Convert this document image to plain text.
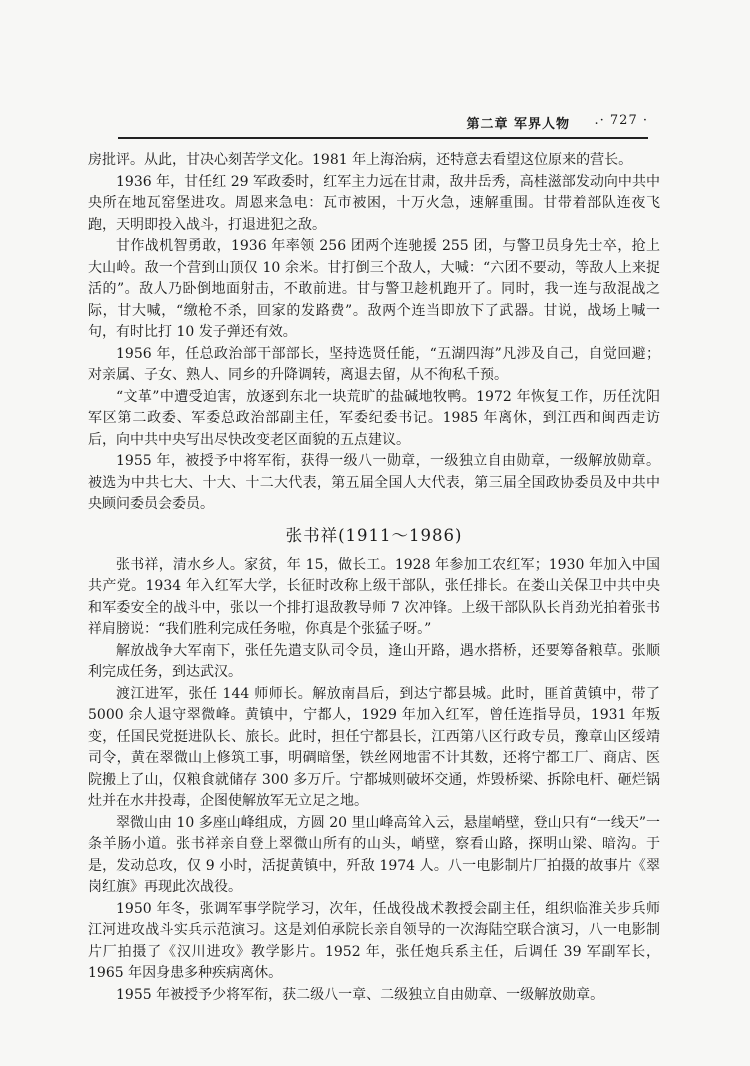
第二章 军界人物 .· 727 ·

房批评。从此，甘决心刻苦学文化。1981 年上海治病，还特意去看望这位原来的营长。

1936 年，甘任红 29 军政委时，红军主力远在甘肃，敌井岳秀，高桂滋部发动向中共中央所在地瓦窑堡进攻。周恩来急电：瓦市被困，十万火急，速解重围。甘带着部队连夜飞跑，天明即投入战斗，打退进犯之敌。

甘作战机智勇敢，1936 年率领 256 团两个连驰援 255 团，与警卫员身先士卒，抢上大山岭。敌一个营到山顶仅 10 余米。甘打倒三个敌人，大喊：“六团不要动，等敌人上来捉活的”。敌人乃卧倒地面射击，不敢前进。甘与警卫趁机跑开了。同时，我一连与敌混战之际，甘大喊，“缴枪不杀，回家的发路费”。敌两个连当即放下了武器。甘说，战场上喊一句，有时比打 10 发子弹还有效。

1956 年，任总政治部干部部长，坚持选贤任能，“五湖四海”凡涉及自己，自觉回避；对亲属、子女、熟人、同乡的升降调转，离退去留，从不徇私千预。

“文革”中遭受迫害，放逐到东北一块荒旷的盐碱地牧鸭。1972 年恢复工作，历任沈阳军区第二政委、军委总政治部副主任，军委纪委书记。1985 年离休，到江西和闽西走访后，向中共中央写出尽快改变老区面貌的五点建议。

1955 年，被授予中将军衔，获得一级八一勋章，一级独立自由勋章，一级解放勋章。被选为中共七大、十大、十二大代表，第五届全国人大代表，第三届全国政协委员及中共中央顾问委员会委员。

张书祥(1911～1986)

张书祥，清水乡人。家贫，年 15，做长工。1928 年参加工农红军；1930 年加入中国共产党。1934 年入红军大学，长征时改称上级干部队，张任排长。在娄山关保卫中共中央和军委安全的战斗中，张以一个排打退敌教导师 7 次冲锋。上级干部队队长肖劲光拍着张书祥肩膀说：“我们胜利完成任务啦，你真是个张猛子呀。”

解放战争大军南下，张任先遣支队司令员，逢山开路，遇水搭桥，还要筹备粮草。张顺利完成任务，到达武汉。

渡江进军，张任 144 师师长。解放南昌后，到达宁都县城。此时，匪首黄镇中，带了 5000 余人退守翠微峰。黄镇中，宁都人，1929 年加入红军，曾任连指导员，1931 年叛变，任国民党挺进队长、旅长。此时，担任宁都县长，江西第八区行政专员，豫章山区绥靖司令，黄在翠微山上修筑工事，明碉暗堡，铁丝网地雷不计其数，还将宁都工厂、商店、医院搬上了山，仅粮食就储存 300 多万斤。宁都城则破坏交通，炸毁桥梁、拆除电杆、砸烂锅灶并在水井投毒，企图使解放军无立足之地。

翠微山由 10 多座山峰组成，方圆 20 里山峰高耸入云，悬崖峭壁，登山只有“一线天”一条羊肠小道。张书祥亲自登上翠微山所有的山头，峭壁，察看山路，探明山梁、暗沟。于是，发动总攻，仅 9 小时，活捉黄镇中，歼敌 1974 人。八一电影制片厂拍摄的故事片《翠岗红旗》再现此次战役。

1950 年冬，张调军事学院学习，次年，任战役战术教授会副主任，组织临淮关步兵师江河进攻战斗实兵示范演习。这是刘伯承院长亲自领导的一次海陆空联合演习，八一电影制片厂拍摄了《汉川进攻》教学影片。1952 年，张任炮兵系主任，后调任 39 军副军长，1965 年因身患多种疾病离休。

1955 年被授予少将军衔，获二级八一章、二级独立自由勋章、一级解放勋章。
